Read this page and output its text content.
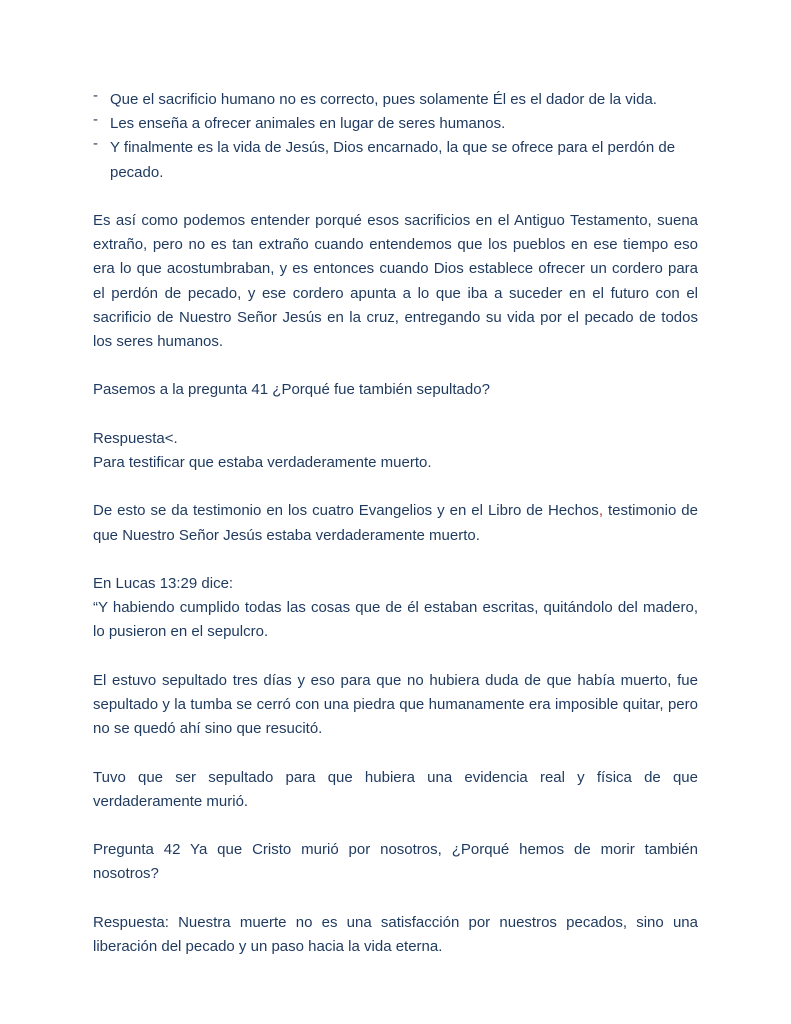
- Que el sacrificio humano no es correcto, pues solamente Él es el dador de la vida.
- Les enseña a ofrecer animales en lugar de seres humanos.
- Y finalmente es la vida de Jesús, Dios encarnado, la que se ofrece para el perdón de pecado.

Es así como podemos entender porqué esos sacrificios en el Antiguo Testamento, suena extraño, pero no es tan extraño cuando entendemos que los pueblos en ese tiempo eso era lo que acostumbraban, y es entonces cuando Dios establece ofrecer un cordero para el perdón de pecado, y ese cordero apunta a lo que iba a suceder en el futuro con el sacrificio de Nuestro Señor Jesús en la cruz, entregando su vida por el pecado de todos los seres humanos.

Pasemos a la pregunta 41 ¿Porqué fue también sepultado?

Respuesta<.
Para testificar que estaba verdaderamente muerto.

De esto se da testimonio en los cuatro Evangelios y en el Libro de Hechos, testimonio de que Nuestro Señor Jesús estaba verdaderamente muerto.

En Lucas 13:29 dice:
“Y habiendo cumplido todas las cosas que de él estaban escritas, quitándolo del madero, lo pusieron en el sepulcro.

El estuvo sepultado tres días y eso para que no hubiera duda de que había muerto, fue sepultado y la tumba se cerró con una piedra que humanamente era imposible quitar, pero no se quedó ahí sino que resucitó.

Tuvo que ser sepultado para que hubiera una evidencia real y física de que verdaderamente murió.

Pregunta 42 Ya que Cristo murió por nosotros, ¿Porqué hemos de morir también nosotros?

Respuesta: Nuestra muerte no es una satisfacción por nuestros pecados, sino una liberación del pecado y un paso hacia la vida eterna.
